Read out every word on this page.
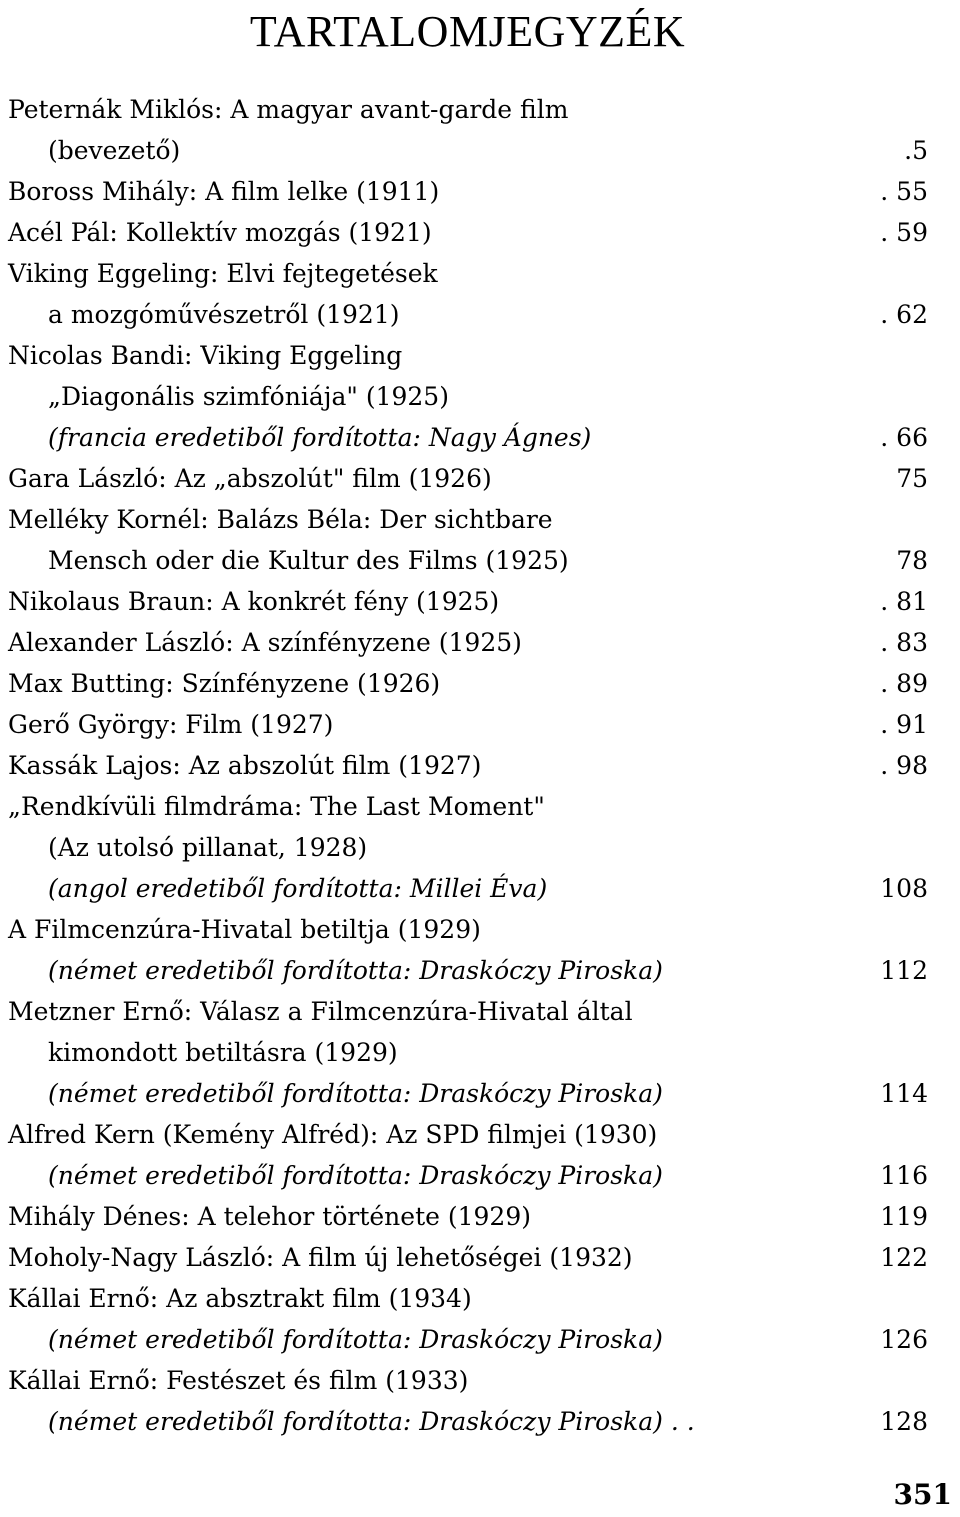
TARTALOMJEGYZÉK
Peternák Miklós: A magyar avant-garde film
(bevezető)	.5
Boross Mihály: A film lelke (1911)	. 55
Acél Pál: Kollektív mozgás (1921)	. 59
Viking Eggeling: Elvi fejtegetések
a mozgóművészetről (1921)	. 62
Nicolas Bandi: Viking Eggeling
„Diagonális szimfóniája" (1925)
(francia eredetiből fordította: Nagy Ágnes)	. 66
Gara László: Az „abszolút" film (1926)	75
Melléky Kornél: Balázs Béla: Der sichtbare
Mensch oder die Kultur des Films (1925)	78
Nikolaus Braun: A konkrét fény (1925)	. 81
Alexander László: A színfényzene (1925)	. 83
Max Butting: Színfényzene (1926)	. 89
Gerő György: Film (1927)	. 91
Kassák Lajos: Az abszolút film (1927)	. 98
„Rendkívüli filmdráma: The Last Moment"
(Az utolsó pillanat, 1928)
(angol eredetiből fordította: Millei Éva)	108
A Filmcenzúra-Hivatal betiltja (1929)
(német eredetiből fordította: Draskóczy Piroska)	112
Metzner Ernő: Válasz a Filmcenzúra-Hivatal által
kimondott betiltásra (1929)
(német eredetiből fordította: Draskóczy Piroska)	114
Alfred Kern (Kemény Alfréd): Az SPD filmjei (1930)
(német eredetiből fordította: Draskóczy Piroska)	116
Mihály Dénes: A telehor története (1929)	119
Moholy-Nagy László: A film új lehetőségei (1932)	122
Kállai Ernő: Az absztrakt film (1934)
(német eredetiből fordította: Draskóczy Piroska)	126
Kállai Ernő: Festészet és film (1933)
(német eredetiből fordította: Draskóczy Piroska) . .	128
351
